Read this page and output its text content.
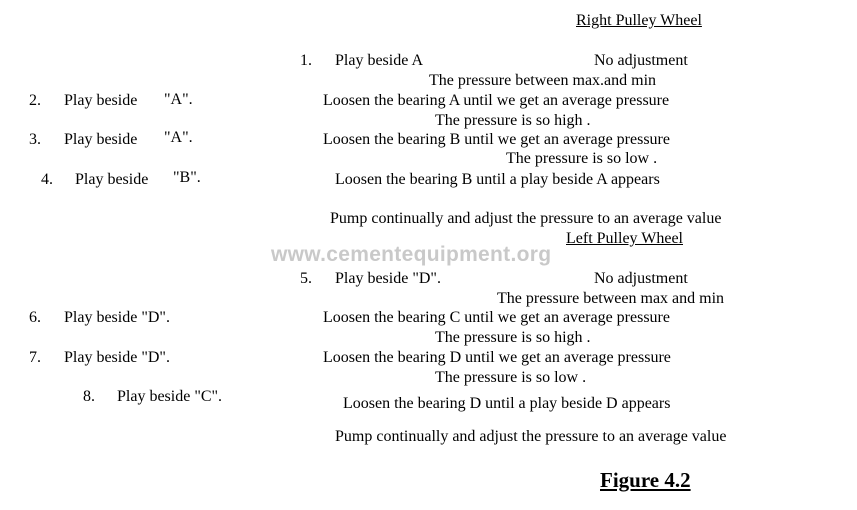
Right Pulley Wheel
1. Play beside A	No adjustment
The pressure between max.and min
2. Play beside "A".	Loosen the bearing A until we get an average pressure
The pressure is so high .
3. Play beside "A".	Loosen the bearing B until we get an average pressure
The pressure is so low .
4. Play beside "B".	Loosen the bearing B until a play beside A appears
Pump continually and adjust the pressure to an average value
Left Pulley Wheel
www.cementequipment.org
5. Play beside "D".	No adjustment
The pressure between max and min
6. Play beside "D".	Loosen the bearing C until we get an average pressure
The pressure is so high .
7. Play beside "D".	Loosen the bearing D until we get an average pressure
The pressure is so low .
8. Play beside "C".	Loosen the bearing D until a play beside D appears
Pump continually and adjust the pressure to an average value
Figure 4.2
